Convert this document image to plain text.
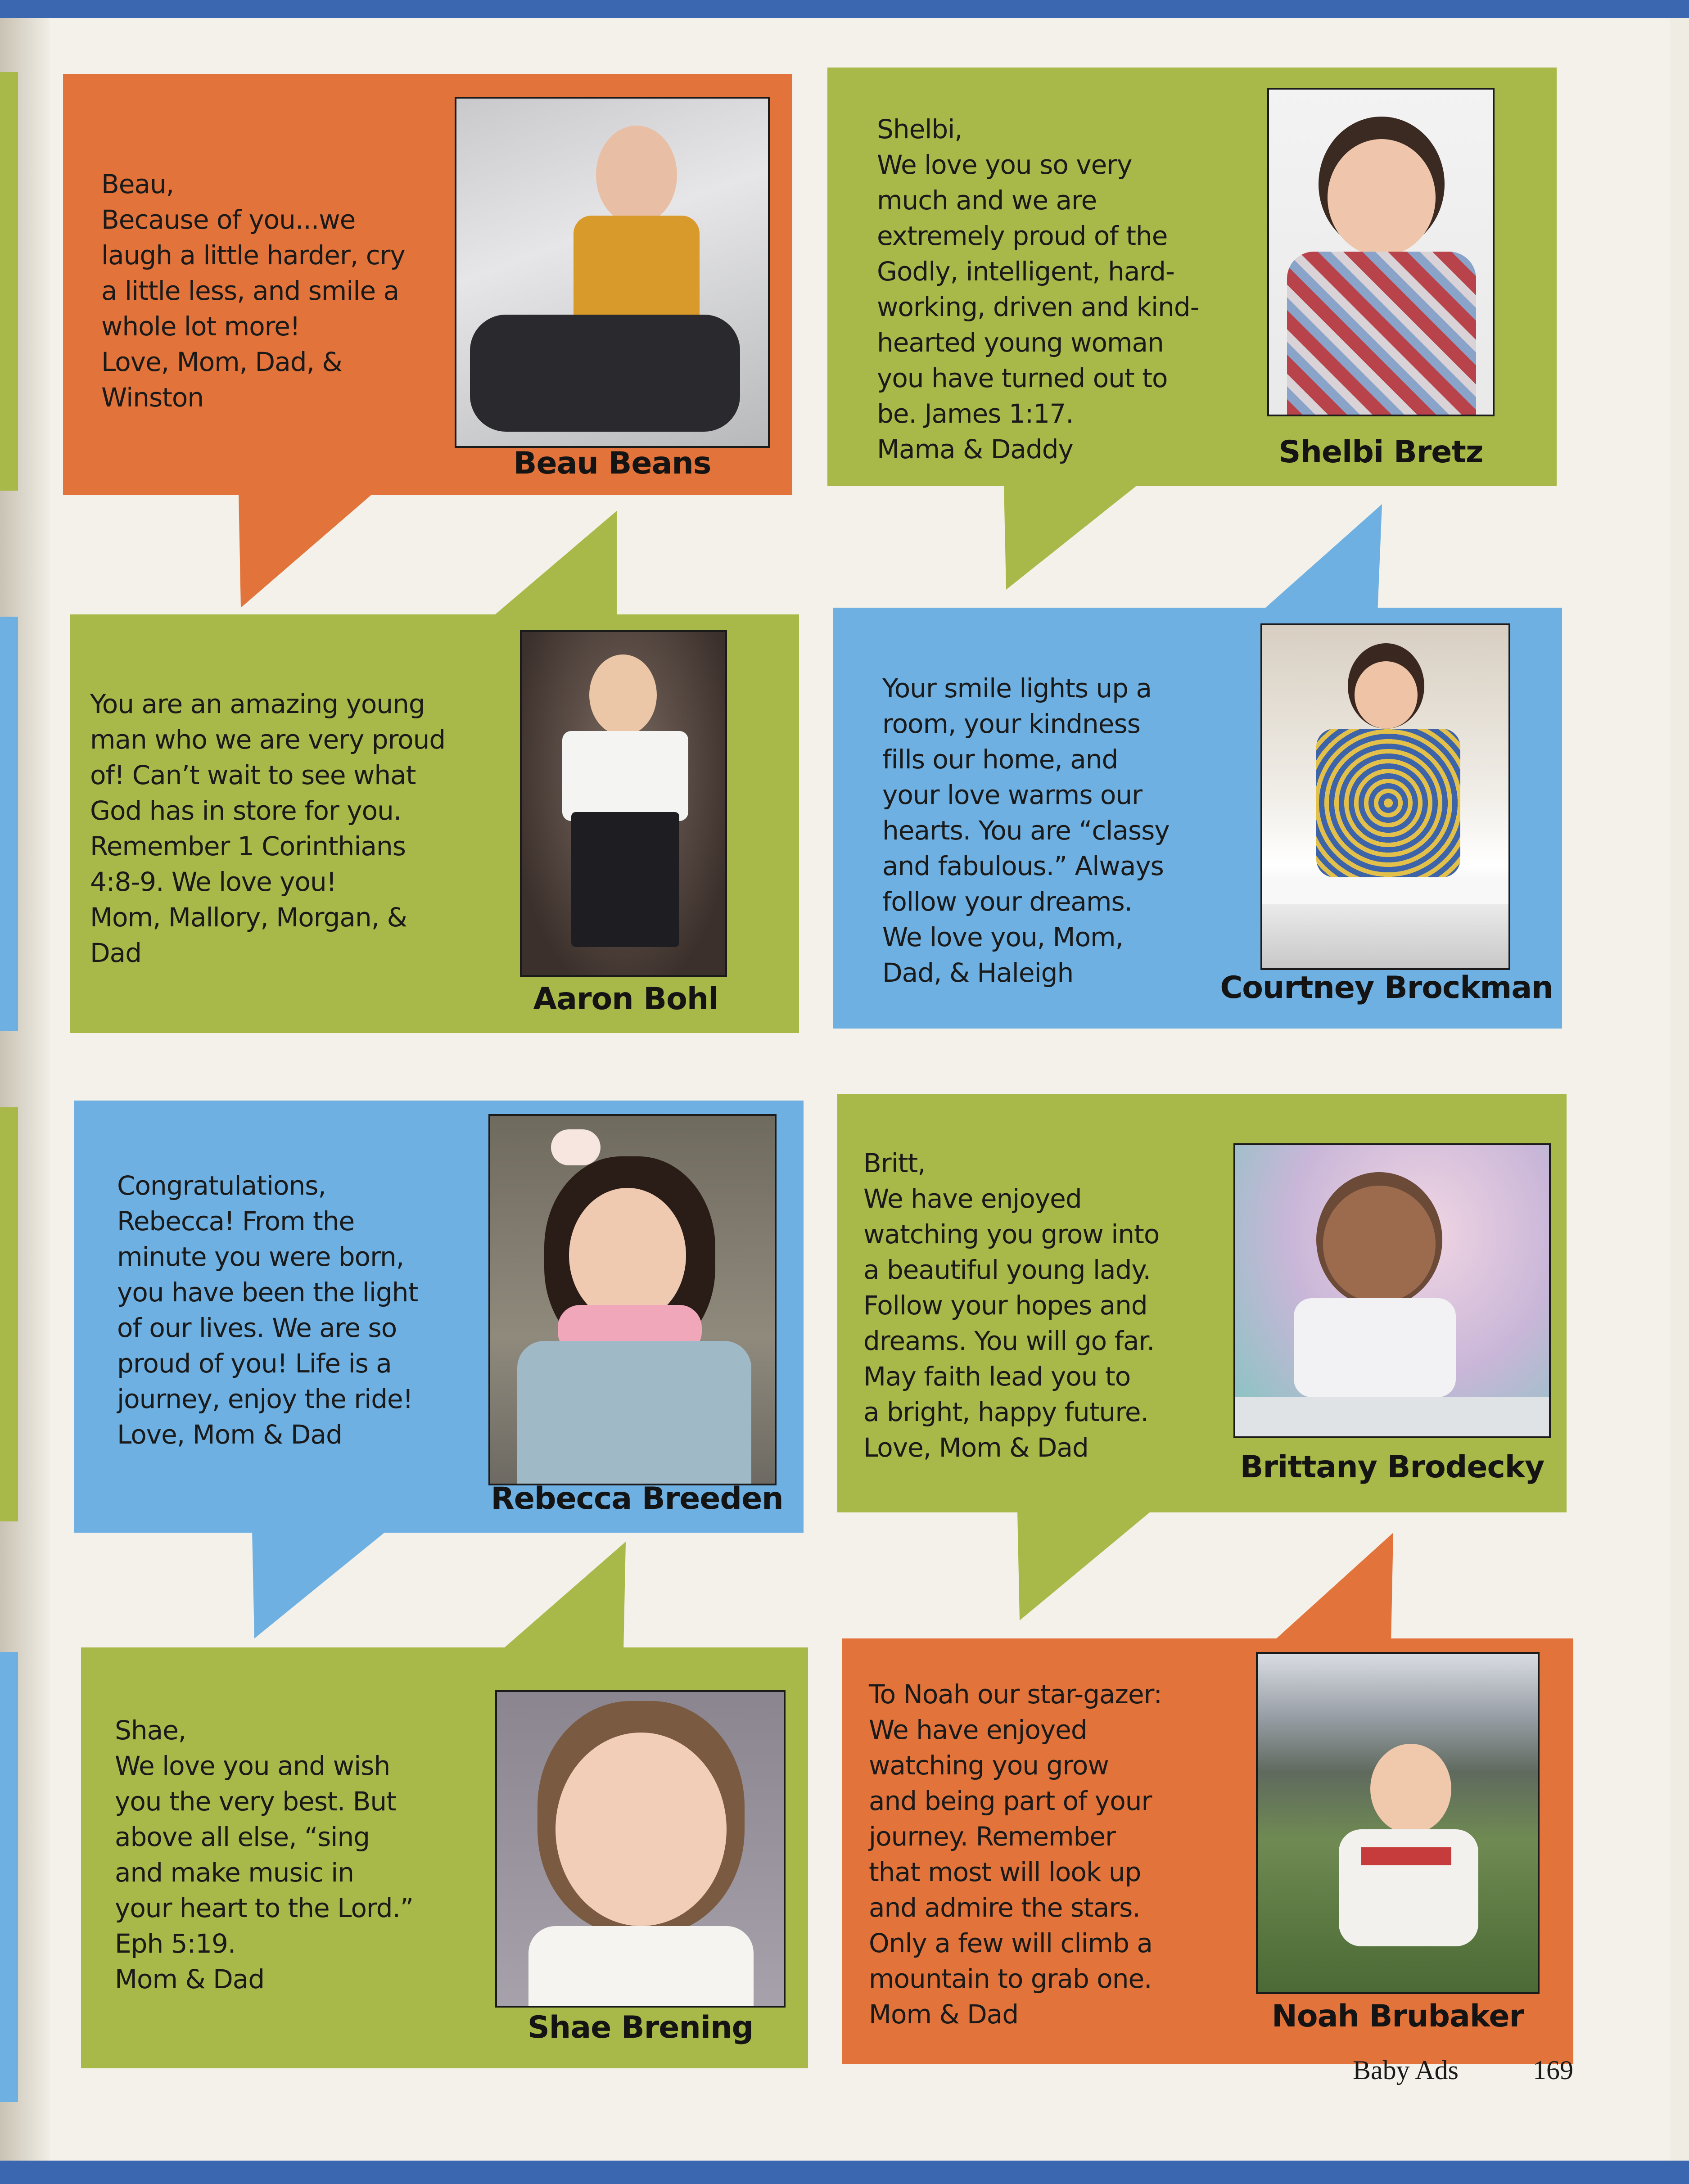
Beau,
Because of you...we
laugh a little harder, cry
a little less, and smile a
whole lot more!
Love, Mom, Dad, &
Winston
Beau Beans
Shelbi,
We love you so very
much and we are
extremely proud of the
Godly, intelligent, hard-
working, driven and kind-
hearted young woman
you have turned out to
be. James 1:17.
Mama & Daddy	Shelbi Bretz
You are an amazing young
man who we are very proud
of! Can’t wait to see what
God has in store for you.
Remember 1 Corinthians
4:8-9. We love you!
Mom, Mallory, Morgan, &
Dad
Aaron Bohl
Your smile lights up a
room, your kindness
fills our home, and
your love warms our
hearts. You are “classy
and fabulous.” Always
follow your dreams.
We love you, Mom,
Dad, & Haleigh	Courtney Brockman
Congratulations,
Rebecca! From the
minute you were born,
you have been the light
of our lives. We are so
proud of you! Life is a
journey, enjoy the ride!
Love, Mom & Dad
Rebecca Breeden
Britt,
We have enjoyed
watching you grow into
a beautiful young lady.
Follow your hopes and
dreams. You will go far.
May faith lead you to
a bright, happy future.
Love, Mom & Dad
Brittany Brodecky
Shae,
We love you and wish
you the very best. But
above all else, “sing
and make music in
your heart to the Lord.”
Eph 5:19.
Mom & Dad
Shae Brening
To Noah our star-gazer:
We have enjoyed
watching you grow
and being part of your
journey. Remember
that most will look up
and admire the stars.
Only a few will climb a
mountain to grab one.
Mom & Dad	Noah Brubaker
Baby Ads	169
